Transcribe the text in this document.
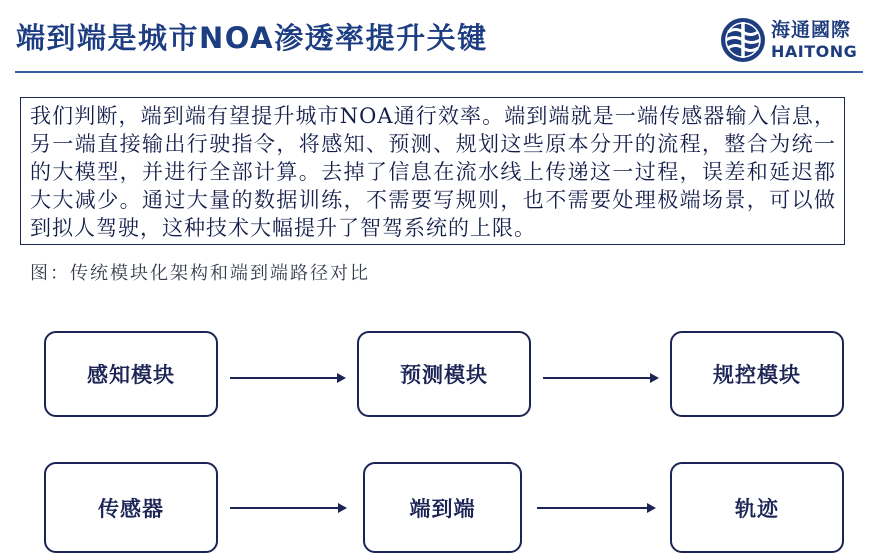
端到端是城市NOA渗透率提升关键	海通國際
HAITONG

我们判断，端到端有望提升城市NOA通行效率。端到端就是一端传感器输入信息，另一端直接输出行驶指令，将感知、预测、规划这些原本分开的流程，整合为统一的大模型，并进行全部计算。去掉了信息在流水线上传递这一过程，误差和延迟都大大减少。通过大量的数据训练，不需要写规则，也不需要处理极端场景，可以做到拟人驾驶，这种技术大幅提升了智驾系统的上限。

图：传统模块化架构和端到端路径对比
感知模块	预测模块	规控模块
传感器	端到端	轨迹
